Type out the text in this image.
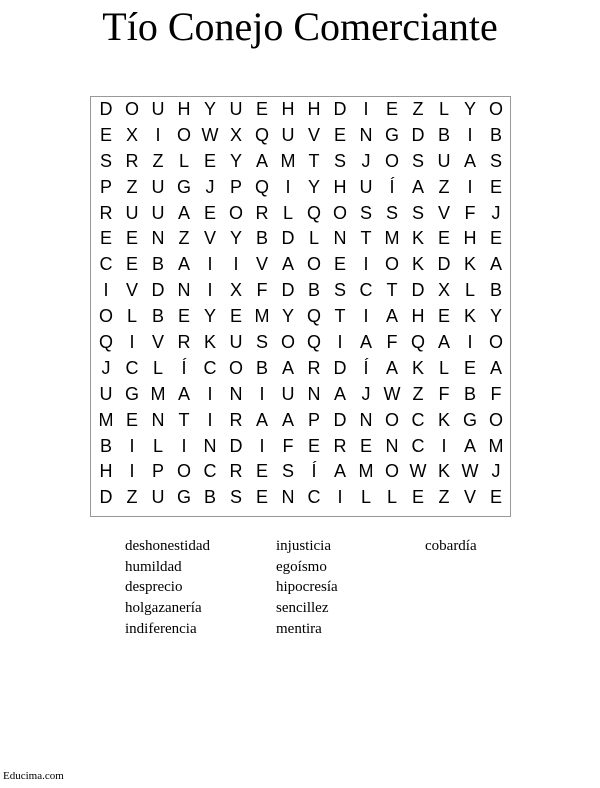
Tío Conejo Comerciante
D O U H Y U E H H D I E Z L Y O
E X I O W X Q U V E N G D B I B
S R Z L E Y A M T S J O S U A S
P Z U G J P Q I Y H U Í A Z I E
R U U A E O R L Q O S S S V F J
E E N Z V Y B D L N T M K E H E
C E B A I	I V A O E I O K D K A
I V D N I X F D B S C T D X L B
O L B E Y E M Y Q T I A H E K Y
Q I V R K U S O Q I A F Q A I O
J C L	Í C O B A R D Í A K L E A
U G M A I N I U N A J W Z F B F
M E N T I R A A P D N O C K G O
B I	L	I N D I	F E R E N C I A M
H I P O C R E S Í A M O W K W J
D Z U G B S E N C I	L L E Z V E
deshonestidad
humildad
desprecio
holgazanería
indiferencia
injusticia
egoísmo
hipocresía
sencillez
mentira
cobardía
Educima.com
